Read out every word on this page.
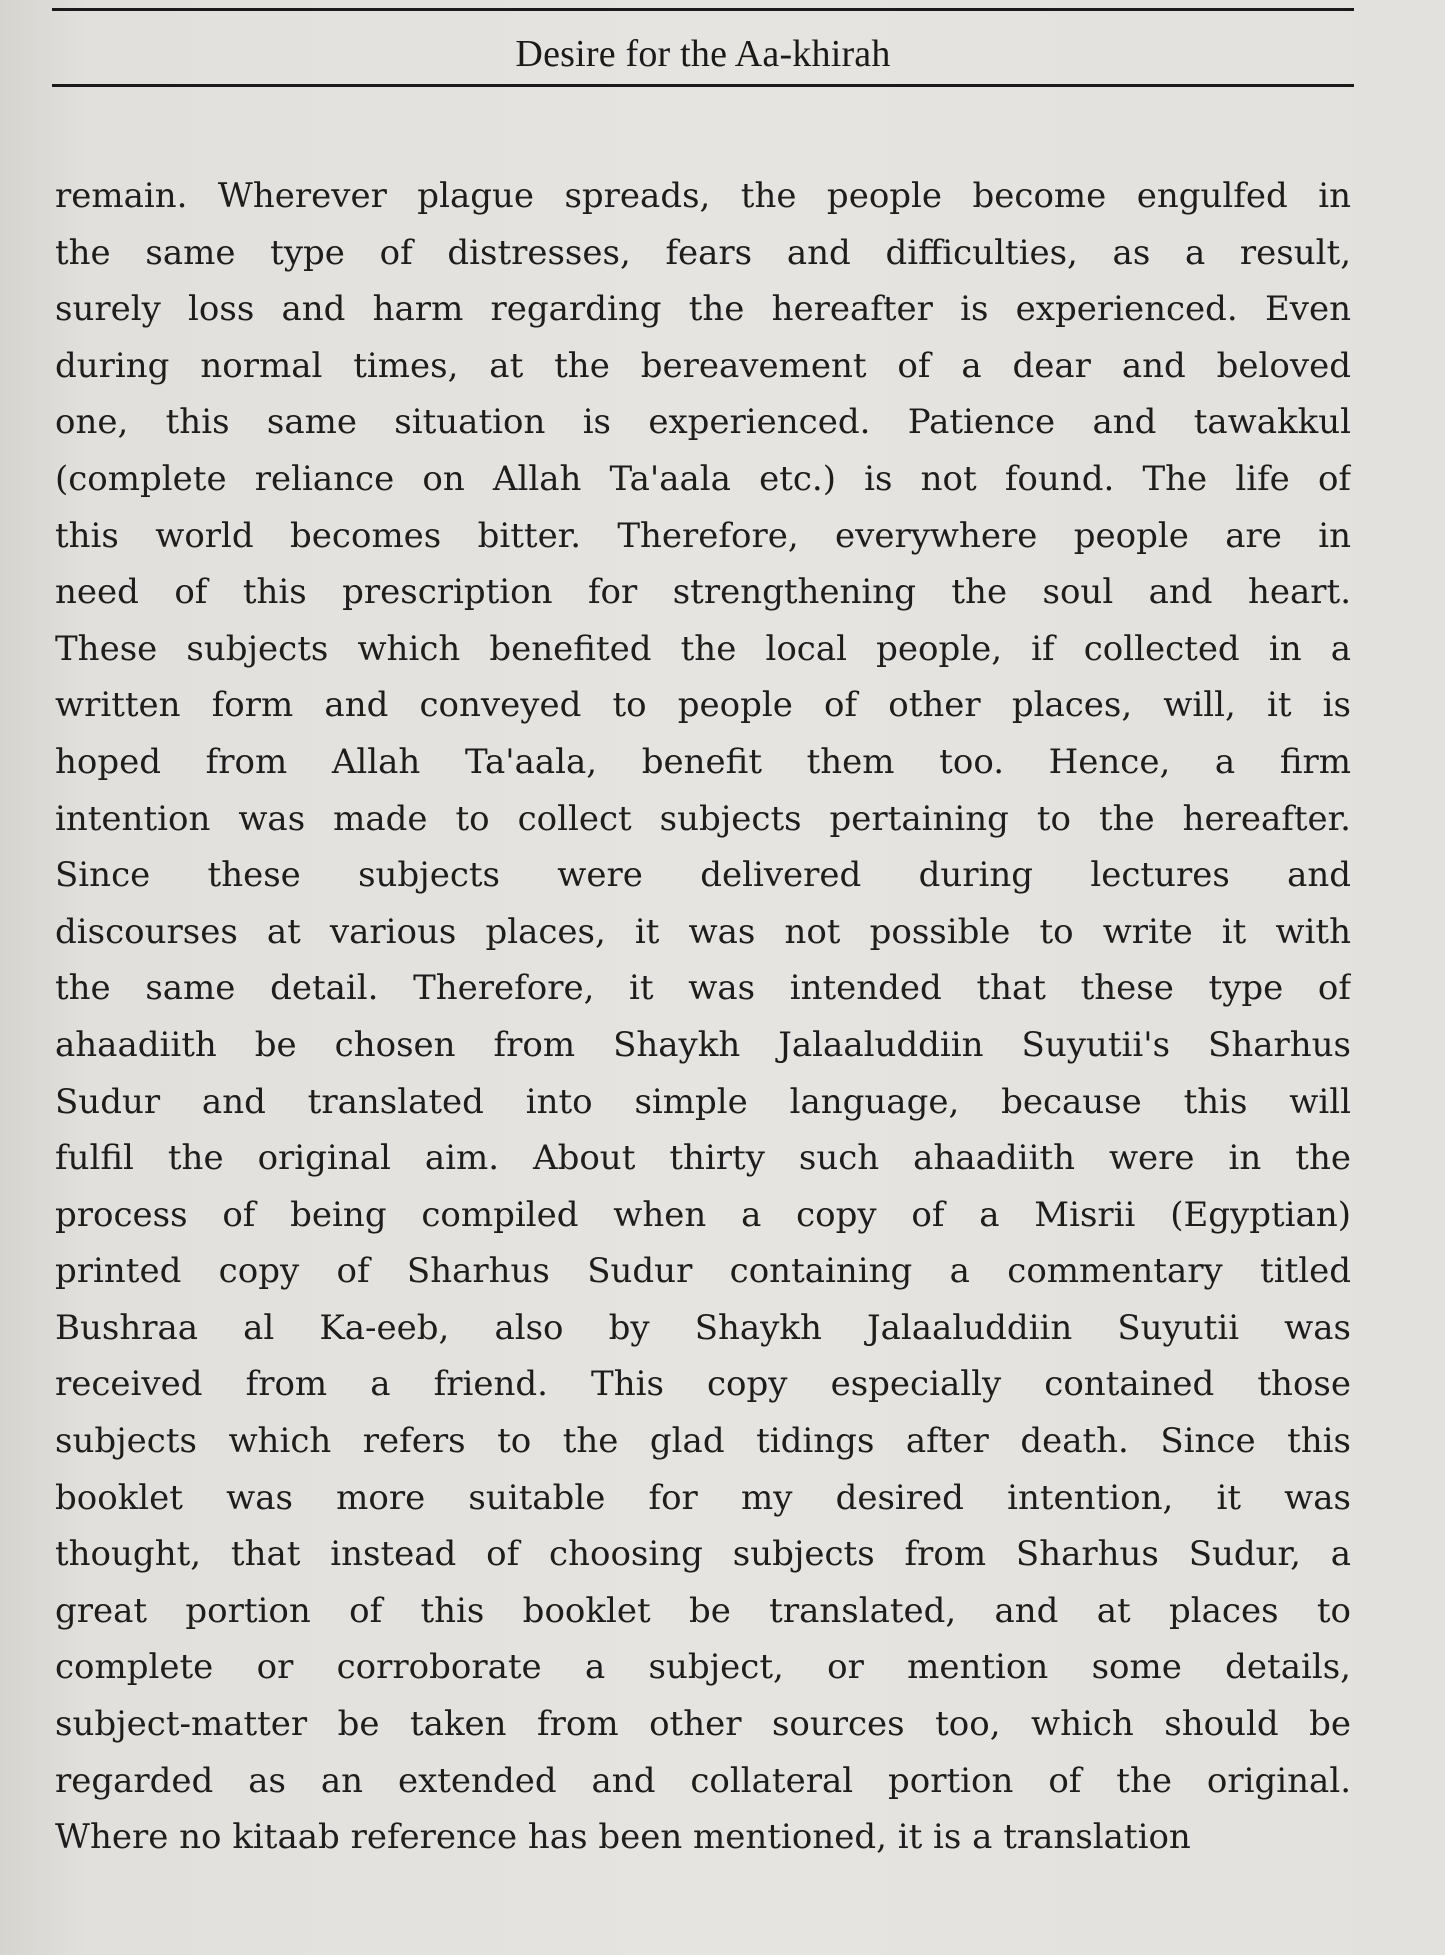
Desire for the Aa-khirah
remain. Wherever plague spreads, the people become engulfed in
the same type of distresses, fears and difficulties, as a result,
surely loss and harm regarding the hereafter is experienced. Even
during normal times, at the bereavement of a dear and beloved
one, this same situation is experienced. Patience and tawakkul
(complete reliance on Allah Ta'aala etc.) is not found. The life of
this world becomes bitter. Therefore, everywhere people are in
need of this prescription for strengthening the soul and heart.
These subjects which benefited the local people, if collected in a
written form and conveyed to people of other places, will, it is
hoped from Allah Ta'aala, benefit them too. Hence, a firm
intention was made to collect subjects pertaining to the hereafter.
Since these subjects were delivered during lectures and
discourses at various places, it was not possible to write it with
the same detail. Therefore, it was intended that these type of
ahaadiith be chosen from Shaykh Jalaaluddiin Suyutii's Sharhus
Sudur and translated into simple language, because this will
fulfil the original aim. About thirty such ahaadiith were in the
process of being compiled when a copy of a Misrii (Egyptian)
printed copy of Sharhus Sudur containing a commentary titled
Bushraa al Ka-eeb, also by Shaykh Jalaaluddiin Suyutii was
received from a friend. This copy especially contained those
subjects which refers to the glad tidings after death. Since this
booklet was more suitable for my desired intention, it was
thought, that instead of choosing subjects from Sharhus Sudur, a
great portion of this booklet be translated, and at places to
complete or corroborate a subject, or mention some details,
subject-matter be taken from other sources too, which should be
regarded as an extended and collateral portion of the original.
Where no kitaab reference has been mentioned, it is a translation
